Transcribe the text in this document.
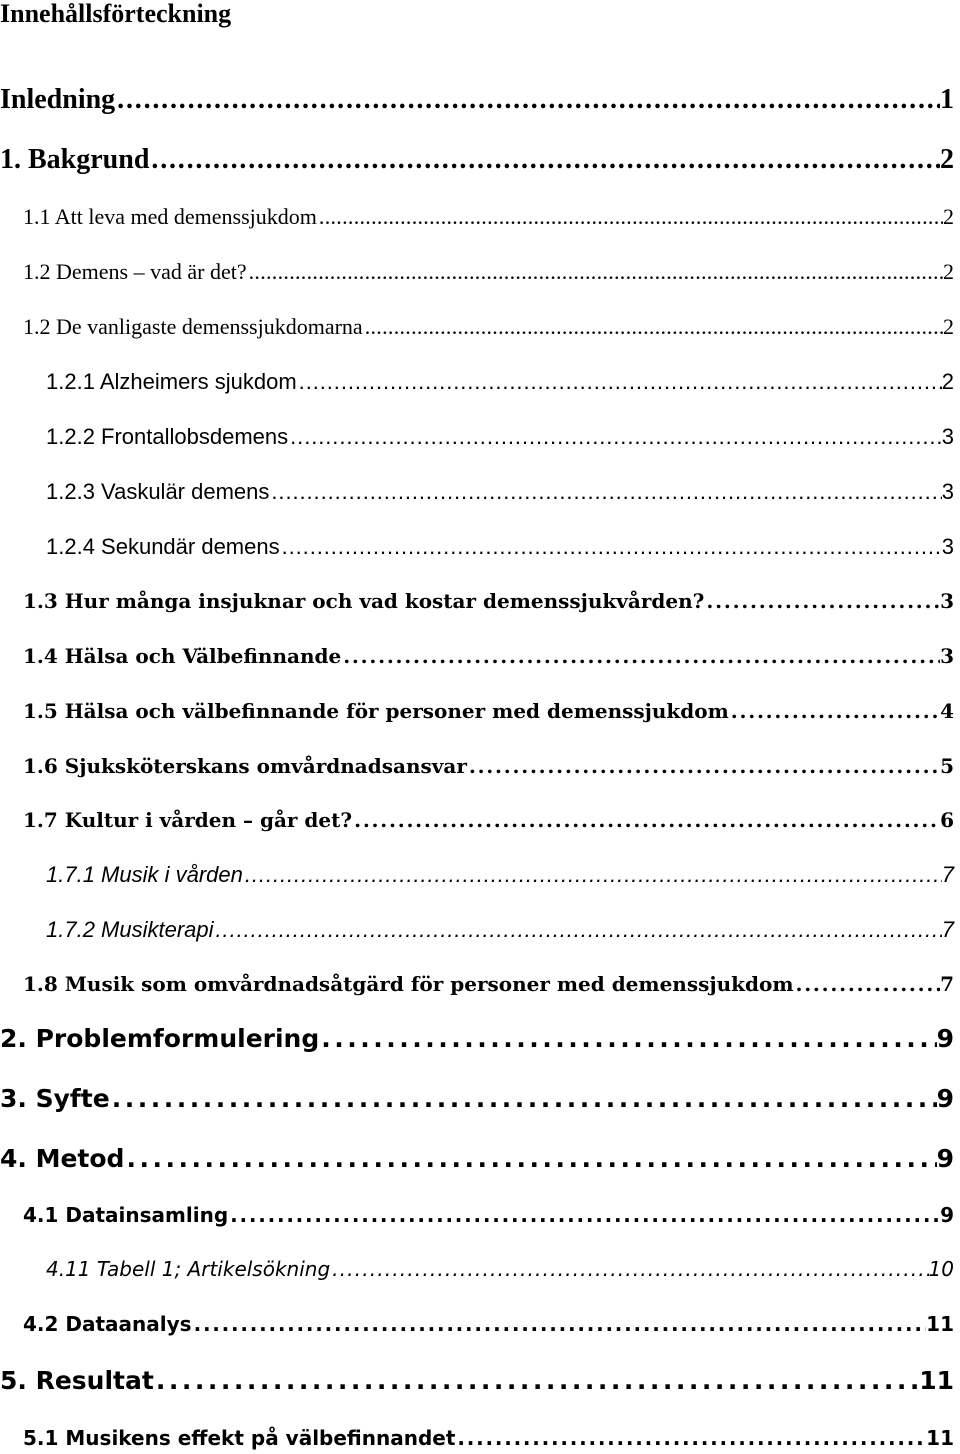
Innehållsförteckning
Inledning . . .	1
1. Bakgrund . . .	2
1.1 Att leva med demenssjukdom . . .	2
1.2 Demens – vad är det? . . .	2
1.2 De vanligaste demenssjukdomarna . . .	2
1.2.1 Alzheimers sjukdom . . .	2
1.2.2 Frontallobsdemens . . .	3
1.2.3 Vaskulär demens . . .	3
1.2.4 Sekundär demens . . .	3
1.3 Hur många insjuknar och vad kostar demenssjukvården? . . .	3
1.4 Hälsa och Välbefinnande . . .	3
1.5 Hälsa och välbefinnande för personer med demenssjukdom . . .	4
1.6 Sjuksköterskans omvårdnadsansvar . . .	5
1.7 Kultur i vården – går det? . . .	6
1.7.1 Musik i vården . . .	7
1.7.2 Musikterapi . . .	7
1.8 Musik som omvårdnadsåtgärd för personer med demenssjukdom . . .	7
2. Problemformulering . . .	9
3. Syfte . . .	9
4. Metod . . .	9
4.1 Datainsamling . . .	9
4.11 Tabell 1; Artikelsökning . . .	10
4.2 Dataanalys . . .	11
5. Resultat . . .	11
5.1 Musikens effekt på välbefinnandet . . .	11
